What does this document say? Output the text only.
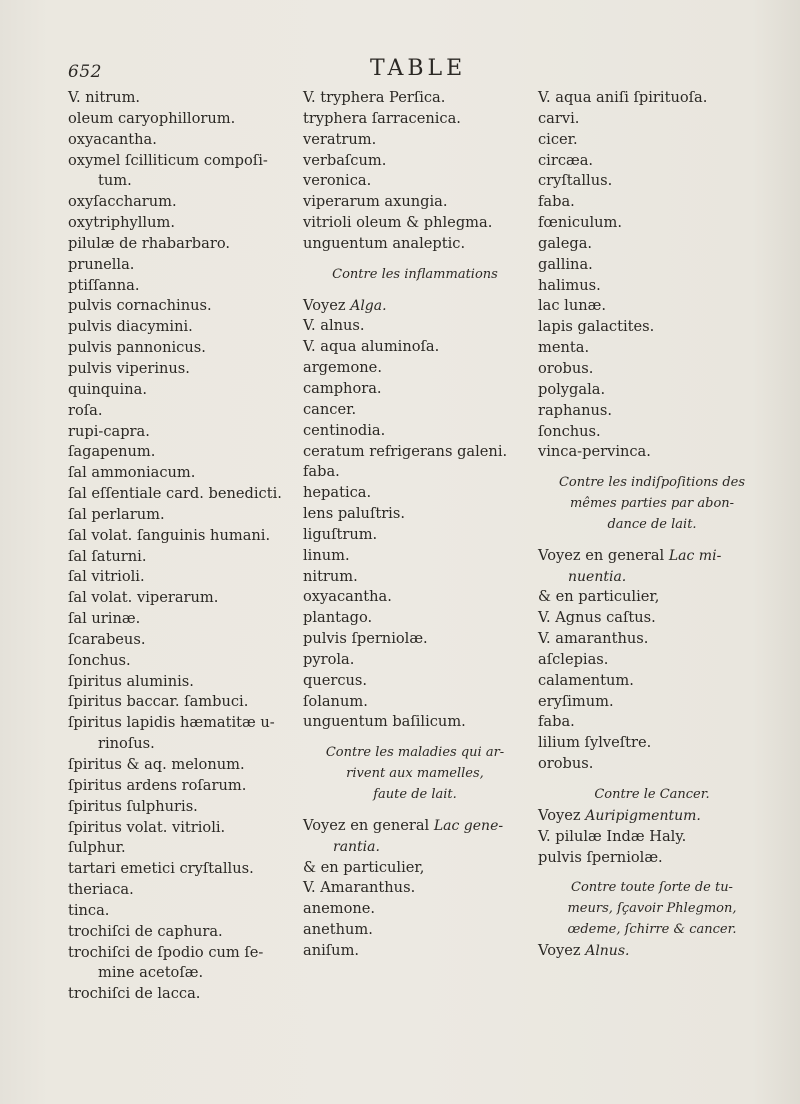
652	TABLE
V. nitrum.
oleum caryophillorum.
oxyacantha.
oxymel ſcilliticum compoſi-
tum.
oxyſaccharum.
oxytriphyllum.
pilulæ de rhabarbaro.
prunella.
ptiſſanna.
pulvis cornachinus.
pulvis diacymini.
pulvis pannonicus.
pulvis viperinus.
quinquina.
roſa.
rupi-capra.
ſagapenum.
ſal ammoniacum.
ſal eſſentiale card. benedicti.
ſal perlarum.
ſal volat. ſanguinis humani.
ſal ſaturni.
ſal vitrioli.
ſal volat. viperarum.
ſal urinæ.
ſcarabeus.
ſonchus.
ſpiritus aluminis.
ſpiritus baccar. ſambuci.
ſpiritus lapidis hæmatitæ u-
rinoſus.
ſpiritus & aq. melonum.
ſpiritus ardens roſarum.
ſpiritus ſulphuris.
ſpiritus volat. vitrioli.
ſulphur.
tartari emetici cryſtallus.
theriaca.
tinca.
trochiſci de caphura.
trochiſci de ſpodio cum ſe-
mine acetoſæ.
trochiſci de lacca.
V. tryphera Perſica.
tryphera ſarracenica.
veratrum.
verbaſcum.
veronica.
viperarum axungia.
vitrioli oleum & phlegma.
unguentum analeptic.
Contre les inflammations
Voyez Alga.
V. alnus.
V. aqua aluminoſa.
argemone.
camphora.
cancer.
centinodia.
ceratum refrigerans galeni.
faba.
hepatica.
lens paluſtris.
liguſtrum.
linum.
nitrum.
oxyacantha.
plantago.
pulvis ſperniolæ.
pyrola.
quercus.
ſolanum.
unguentum baſilicum.
Contre les maladies qui ar-
rivent aux mamelles,
faute de lait.
Voyez en general Lac gene-
rantia.
& en particulier,
V. Amaranthus.
anemone.
anethum.
aniſum.
V. aqua aniſi ſpirituoſa.
carvi.
cicer.
circæa.
cryſtallus.
faba.
fœniculum.
galega.
gallina.
halimus.
lac lunæ.
lapis galactites.
menta.
orobus.
polygala.
raphanus.
ſonchus.
vinca-pervinca.
Contre les indiſpoſitions des
mêmes parties par abon-
dance de lait.
Voyez en general Lac mi-
nuentia.
& en particulier,
V. Agnus caſtus.
V. amaranthus.
aſclepias.
calamentum.
eryſimum.
faba.
lilium ſylveſtre.
orobus.
Contre le Cancer.
Voyez Auripigmentum.
V. pilulæ Indæ Haly.
pulvis ſperniolæ.
Contre toute ſorte de tu-
meurs, ſçavoir Phlegmon,
œdeme, ſchirre & cancer.
Voyez Alnus.
